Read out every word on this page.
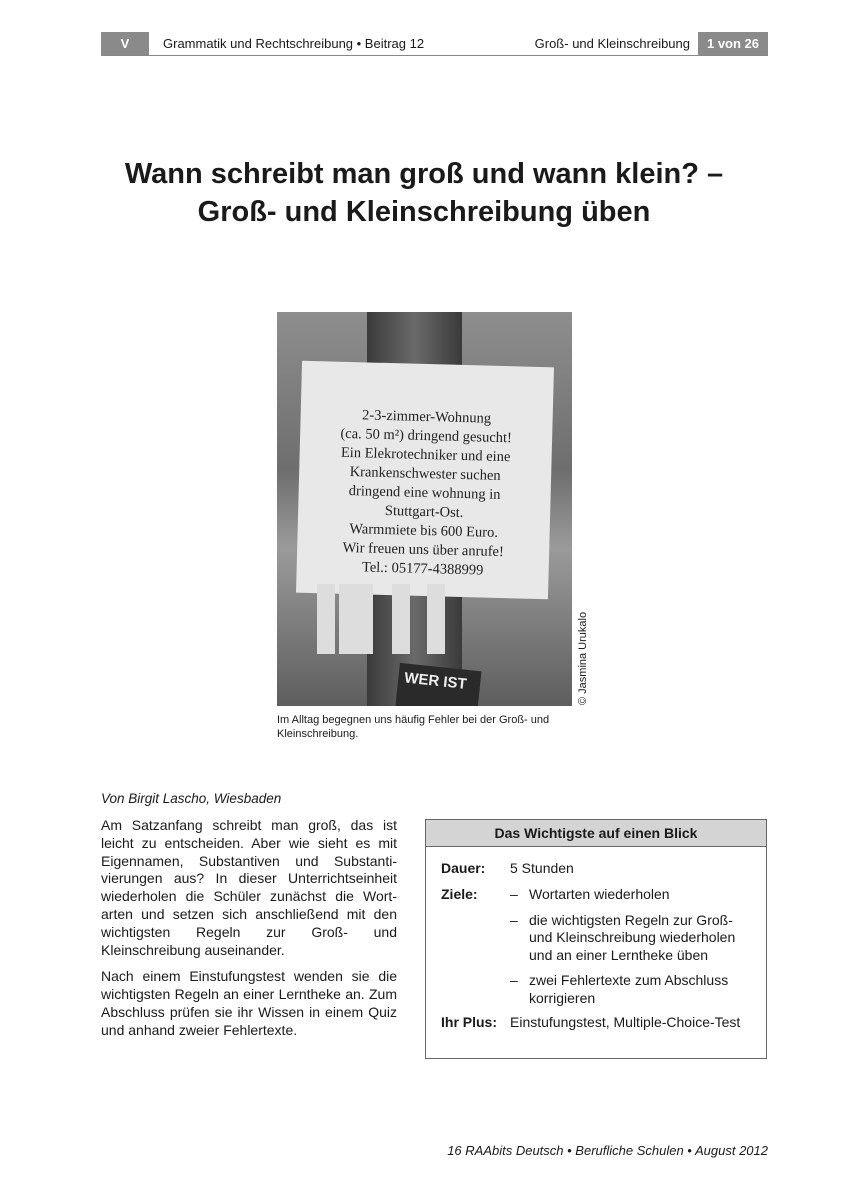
V	Grammatik und Rechtschreibung • Beitrag 12	Groß- und Kleinschreibung	1 von 26
Wann schreibt man groß und wann klein? –
Groß- und Kleinschreibung üben
2-3-zimmer-Wohnung
(ca. 50 m²) dringend gesucht!
Ein Elekrotechniker und eine
Krankenschwester suchen
dringend eine wohnung in
Stuttgart-Ost.
Warmmiete bis 600 Euro.
Wir freuen uns über anrufe!
Tel.: 05177-4388999
WER IST	© Jasmina Urukalo
Im Alltag begegnen uns häufig Fehler bei der Groß- und Kleinschreibung.
Von Birgit Lascho, Wiesbaden

Am Satzanfang schreibt man groß, das ist leicht zu entscheiden. Aber wie sieht es mit Eigennamen, Substantiven und Substantivierungen aus? In dieser Unterrichtseinheit wiederholen die Schüler zunächst die Wortarten und setzen sich anschließend mit den wichtigsten Regeln zur Groß- und Kleinschreibung auseinander.

Nach einem Einstufungstest wenden sie die wichtigsten Regeln an einer Lerntheke an. Zum Abschluss prüfen sie ihr Wissen in einem Quiz und anhand zweier Fehlertexte.

Das Wichtigste auf einen Blick
Dauer:	5 Stunden
Ziele:	– Wortarten wiederholen
– die wichtigsten Regeln zur Groß- und Kleinschreibung wiederholen und an einer Lerntheke üben
– zwei Fehlertexte zum Abschluss korrigieren
Ihr Plus: Einstufungstest, Multiple-Choice-Test
16 RAAbits Deutsch • Berufliche Schulen • August 2012
